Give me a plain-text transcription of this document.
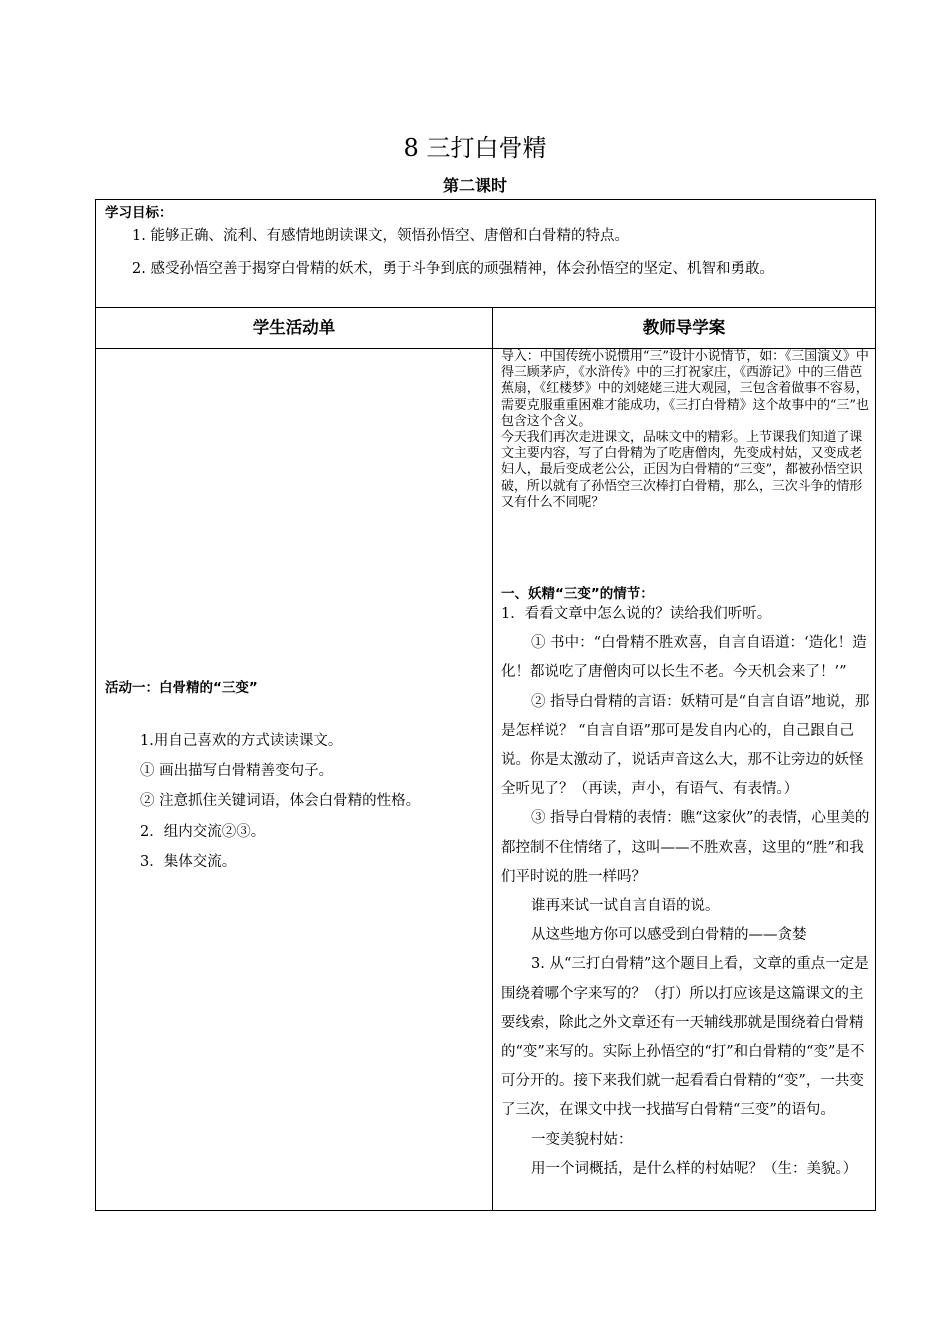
8 三打白骨精
第二课时
学习目标：
1. 能够正确、流利、有感情地朗读课文，领悟孙悟空、唐僧和白骨精的特点。
2. 感受孙悟空善于揭穿白骨精的妖术，勇于斗争到底的顽强精神，体会孙悟空的坚定、机智和勇敢。
学生活动单	教师导学案
活动一：白骨精的“三变”
1.用自己喜欢的方式读读课文。
① 画出描写白骨精善变句子。
② 注意抓住关键词语，体会白骨精的性格。
2．组内交流②③。
3．集体交流。

导入：中国传统小说惯用“三”设计小说情节，如：《三国演义》中得三顾茅庐，《水浒传》中的三打祝家庄，《西游记》中的三借芭蕉扇，《红楼梦》中的刘姥姥三进大观园，三包含着做事不容易，需要克服重重困难才能成功，《三打白骨精》这个故事中的“三”也包含这个含义。

今天我们再次走进课文，品味文中的精彩。上节课我们知道了课文主要内容，写了白骨精为了吃唐僧肉，先变成村姑，又变成老妇人，最后变成老公公，正因为白骨精的“三变”，都被孙悟空识破，所以就有了孙悟空三次棒打白骨精，那么，三次斗争的情形又有什么不同呢？

一、妖精“三变”的情节：

1．看看文章中怎么说的？读给我们听听。

① 书中：“白骨精不胜欢喜，自言自语道：‘造化！造化！都说吃了唐僧肉可以长生不老。今天机会来了！’”

② 指导白骨精的言语：妖精可是“自言自语”地说，那是怎样说？ “自言自语”那可是发自内心的，自己跟自己说。你是太激动了，说话声音这么大，那不让旁边的妖怪全听见了？（再读，声小，有语气、有表情。）

③ 指导白骨精的表情：瞧“这家伙”的表情，心里美的都控制不住情绪了，这叫——不胜欢喜，这里的“胜”和我们平时说的胜一样吗？

谁再来试一试自言自语的说。

从这些地方你可以感受到白骨精的——贪婪

3. 从“三打白骨精”这个题目上看，文章的重点一定是围绕着哪个字来写的？（打）所以打应该是这篇课文的主要线索，除此之外文章还有一天辅线那就是围绕着白骨精的“变”来写的。实际上孙悟空的“打”和白骨精的“变”是不可分开的。接下来我们就一起看看白骨精的“变”，一共变了三次，在课文中找一找描写白骨精“三变”的语句。

一变美貌村姑：

用一个词概括，是什么样的村姑呢？（生：美貌。）
